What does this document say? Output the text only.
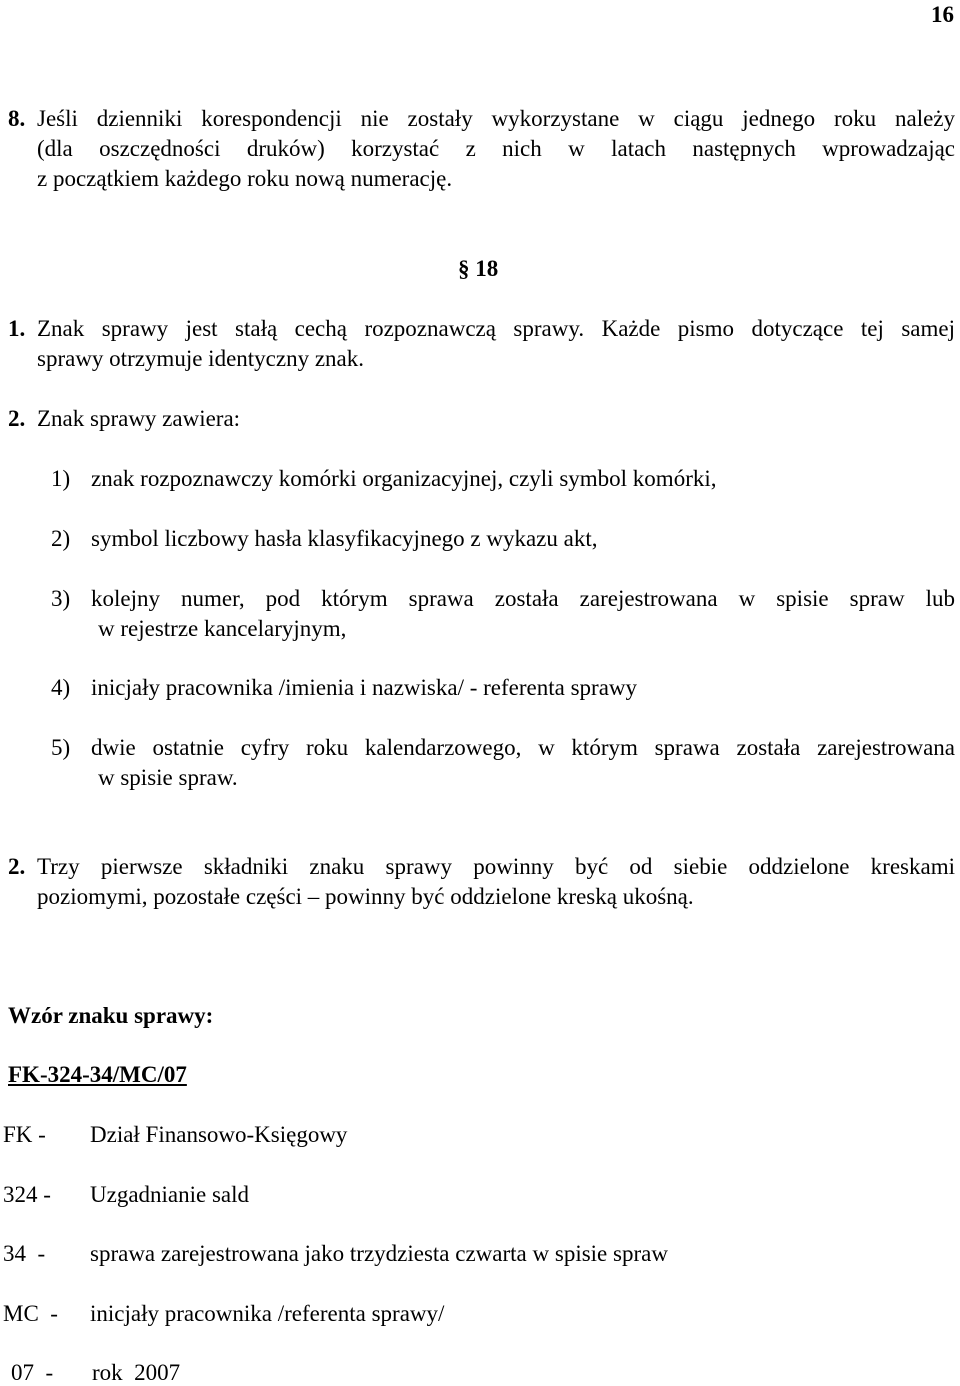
16
8. Jeśli dzienniki korespondencji nie zostały wykorzystane w ciągu jednego roku należy
(dla oszczędności druków) korzystać z nich w latach następnych wprowadzając
z początkiem każdego roku nową numerację.
§ 18
1. Znak sprawy jest stałą cechą rozpoznawczą sprawy. Każde pismo dotyczące tej samej
sprawy otrzymuje identyczny znak.
2. Znak sprawy zawiera:
1) znak rozpoznawczy komórki organizacyjnej, czyli symbol komórki,
2) symbol liczbowy hasła klasyfikacyjnego z wykazu akt,
3) kolejny numer, pod którym sprawa została zarejestrowana w spisie spraw lub
w rejestrze kancelaryjnym,
4) inicjały pracownika /imienia i nazwiska/ - referenta sprawy
5) dwie ostatnie cyfry roku kalendarzowego, w którym sprawa została zarejestrowana
w spisie spraw.
2. Trzy pierwsze składniki znaku sprawy powinny być od siebie oddzielone kreskami
poziomymi, pozostałe części – powinny być oddzielone kreską ukośną.
Wzór znaku sprawy:
FK-324-34/MC/07
FK - Dział Finansowo-Księgowy
324 - Uzgadnianie sald
34  - sprawa zarejestrowana jako trzydziesta czwarta w spisie spraw
MC  - inicjały pracownika /referenta sprawy/
07  - rok  2007
